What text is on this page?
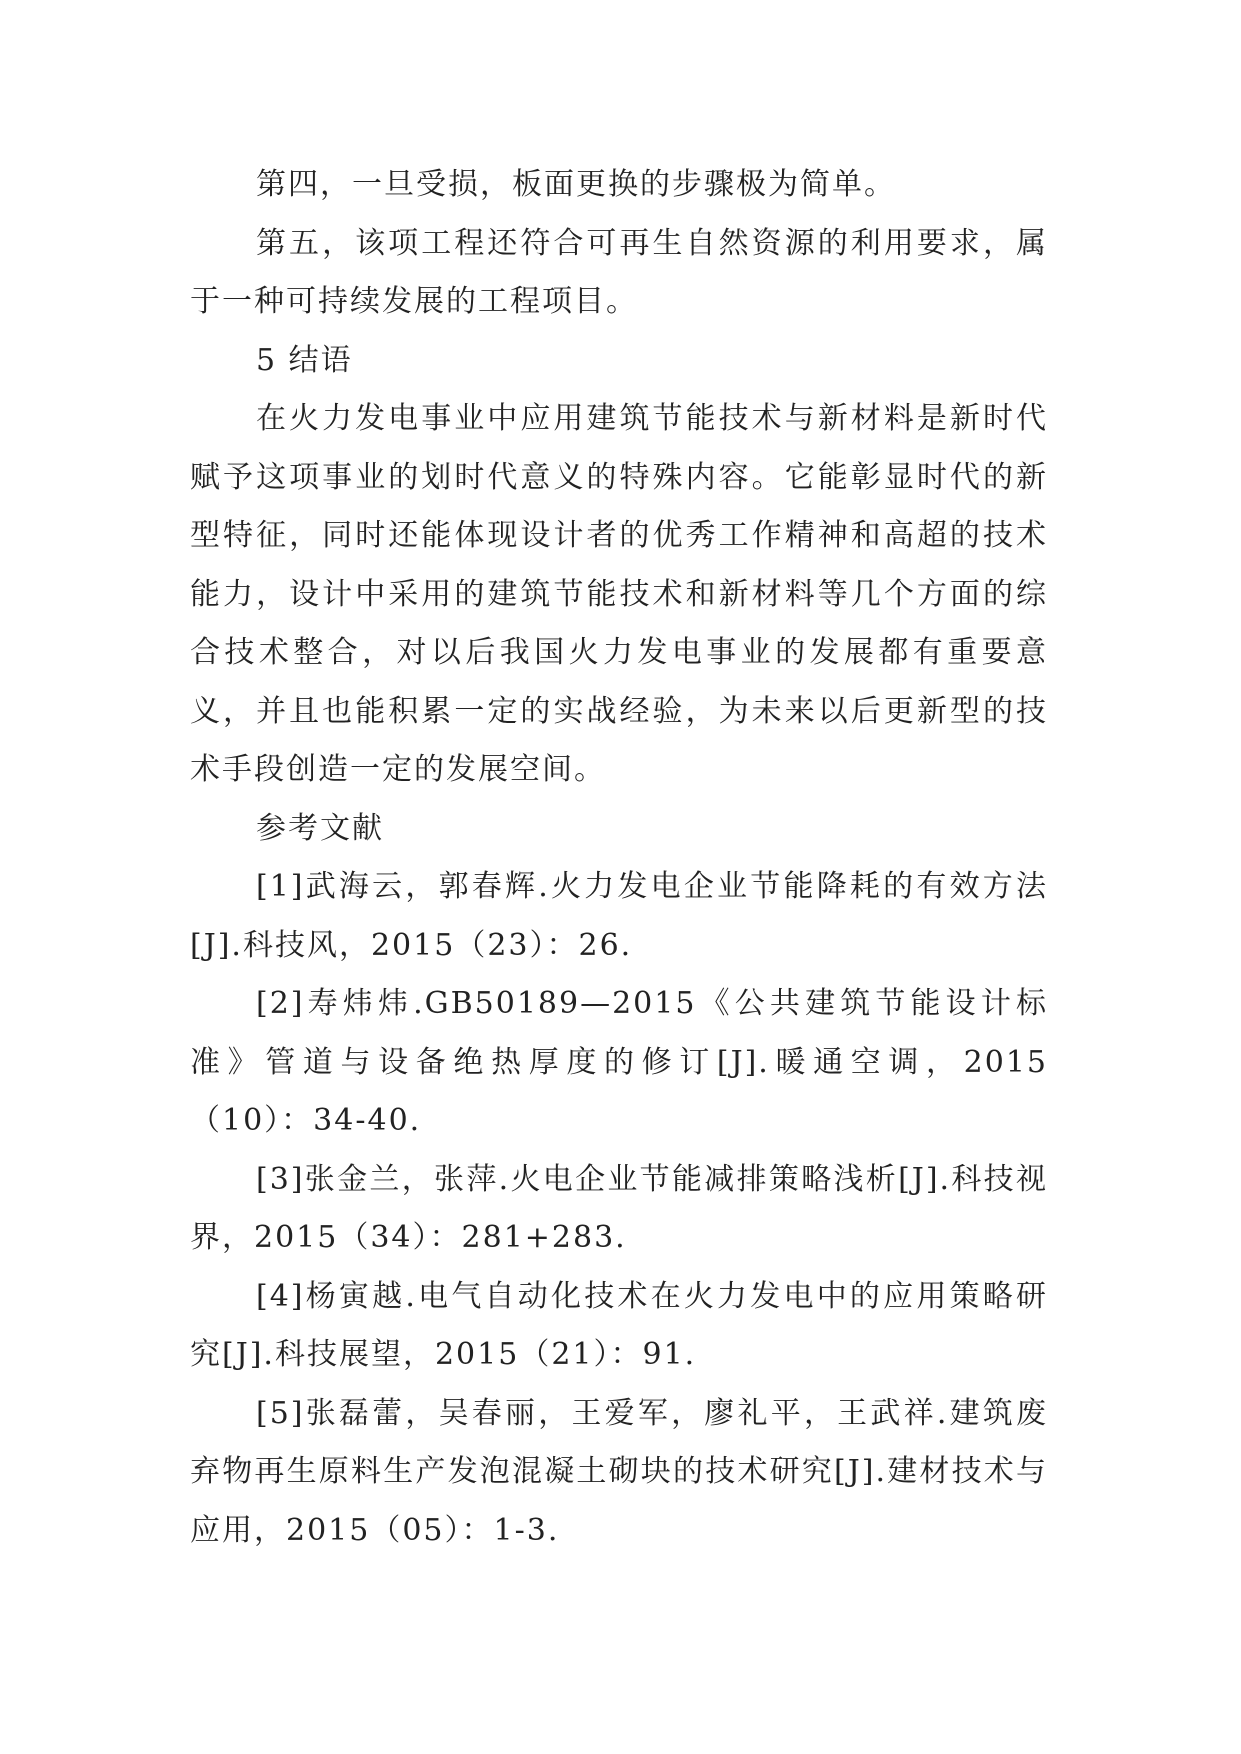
第四，一旦受损，板面更换的步骤极为简单。

第五，该项工程还符合可再生自然资源的利用要求，属于一种可持续发展的工程项目。

5 结语

在火力发电事业中应用建筑节能技术与新材料是新时代赋予这项事业的划时代意义的特殊内容。它能彰显时代的新型特征，同时还能体现设计者的优秀工作精神和高超的技术能力，设计中采用的建筑节能技术和新材料等几个方面的综合技术整合，对以后我国火力发电事业的发展都有重要意义，并且也能积累一定的实战经验，为未来以后更新型的技术手段创造一定的发展空间。

参考文献

[1]武海云，郭春辉.火力发电企业节能降耗的有效方法[J].科技风，2015（23）：26.

[2]寿炜炜.GB50189—2015《公共建筑节能设计标准》管道与设备绝热厚度的修订[J].暖通空调，2015（10）：34-40.

[3]张金兰，张萍.火电企业节能减排策略浅析[J].科技视界，2015（34）：281+283.

[4]杨寅越.电气自动化技术在火力发电中的应用策略研究[J].科技展望，2015（21）：91.

[5]张磊蕾，吴春丽，王爱军，廖礼平，王武祥.建筑废弃物再生原料生产发泡混凝土砌块的技术研究[J].建材技术与应用，2015（05）：1-3.
